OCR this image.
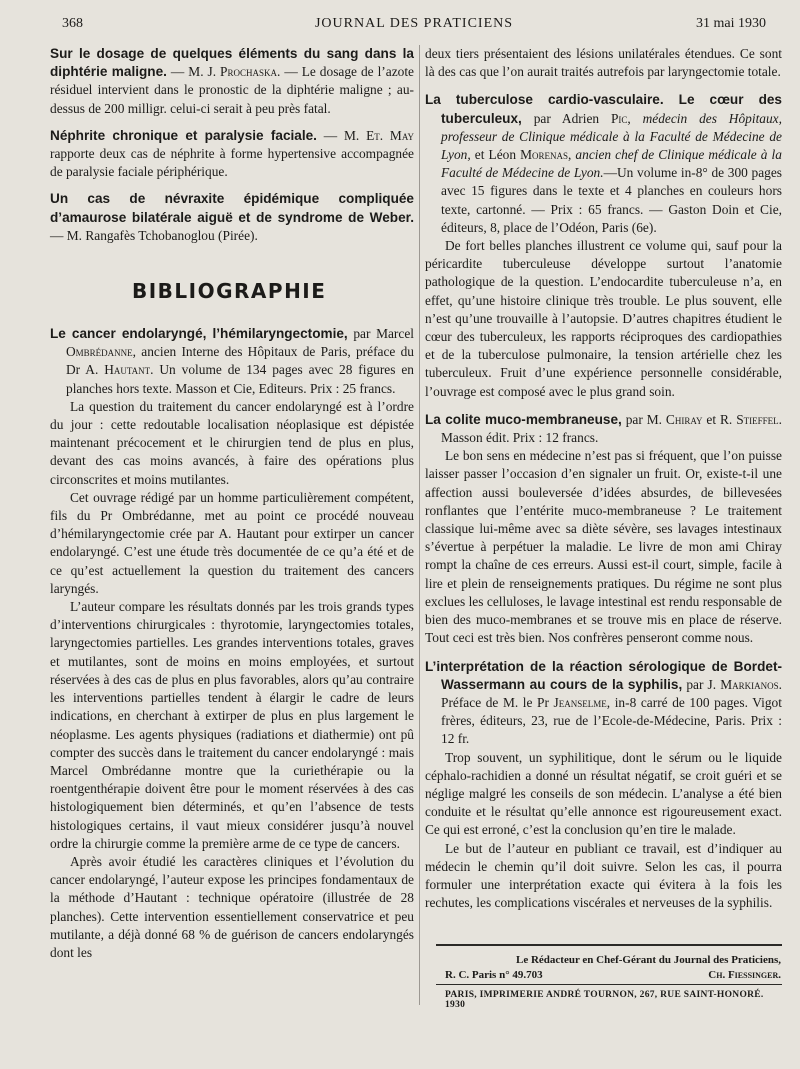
368	JOURNAL DES PRATICIENS	31 mai 1930

Sur le dosage de quelques éléments du sang dans la diphtérie maligne. — M. J. Prochaska. — Le dosage de l’azote résiduel intervient dans le pronostic de la diphtérie maligne ; au-dessus de 200 milligr. celui-ci serait à peu près fatal.

Néphrite chronique et paralysie faciale. — M. Et. May rapporte deux cas de néphrite à forme hypertensive accompagnée de paralysie faciale périphérique.

Un cas de névraxite épidémique compliquée d’amaurose bilatérale aiguë et de syndrome de Weber. — M. Rangafès Tchobanoglou (Pirée).

BIBLIOGRAPHIE

Le cancer endolaryngé, l’hémilaryngectomie, par Marcel Ombrédanne, ancien Interne des Hôpitaux de Paris, préface du Dr A. Hautant. Un volume de 134 pages avec 28 figures en planches hors texte. Masson et Cie, Editeurs. Prix : 25 francs.

La question du traitement du cancer endolaryngé est à l’ordre du jour : cette redoutable localisation néoplasique est dépistée maintenant précocement et le chirurgien tend de plus en plus, devant des cas moins avancés, à faire des opérations plus circonscrites et moins mutilantes.

Cet ouvrage rédigé par un homme particulièrement compétent, fils du Pr Ombrédanne, met au point ce procédé nouveau d’hémilaryngectomie crée par A. Hautant pour extirper un cancer endolaryngé. C’est une étude très documentée de ce qu’a été et de ce qu’est actuellement la question du traitement des cancers laryngés.

L’auteur compare les résultats donnés par les trois grands types d’interventions chirurgicales : thyrotomie, laryngectomies totales, laryngectomies partielles. Les grandes interventions totales, graves et mutilantes, sont de moins en moins employées, et surtout réservées à des cas de plus en plus favorables, alors qu’au contraire les interventions partielles tendent à élargir le cadre de leurs indications, en cherchant à extirper de plus en plus largement le néoplasme. Les agents physiques (radiations et diathermie) ont pû compter des succès dans le traitement du cancer endolaryngé : mais Marcel Ombrédanne montre que la curiethérapie ou la roentgenthérapie doivent être pour le moment réservées à des cas histologiquement bien déterminés, et qu’en l’absence de tests histologiques certains, il vaut mieux considérer jusqu’à nouvel ordre la chirurgie comme la première arme de ce type de cancers.

Après avoir étudié les caractères cliniques et l’évolution du cancer endolaryngé, l’auteur expose les principes fondamentaux de la méthode d’Hautant : technique opératoire (illustrée de 28 planches). Cette intervention essentiellement conservatrice et peu mutilante, a déjà donné 68 % de guérison de cancers endolaryngés dont les

deux tiers présentaient des lésions unilatérales étendues. Ce sont là des cas que l’on aurait traités autrefois par laryngectomie totale.

La tuberculose cardio-vasculaire. Le cœur des tuberculeux, par Adrien Pic, médecin des Hôpitaux, professeur de Clinique médicale à la Faculté de Médecine de Lyon, et Léon Morenas, ancien chef de Clinique médicale à la Faculté de Médecine de Lyon.—Un volume in-8° de 300 pages avec 15 figures dans le texte et 4 planches en couleurs hors texte, cartonné. — Prix : 65 francs. — Gaston Doin et Cie, éditeurs, 8, place de l’Odéon, Paris (6e).

De fort belles planches illustrent ce volume qui, sauf pour la péricardite tuberculeuse développe surtout l’anatomie pathologique de la question. L’endocardite tuberculeuse n’a, en effet, qu’une histoire clinique très trouble. Le plus souvent, elle n’est qu’une trouvaille à l’autopsie. D’autres chapitres étudient le cœur des tuberculeux, les rapports réciproques des cardiopathies et de la tuberculose pulmonaire, la tension artérielle chez les tuberculeux. Fruit d’une expérience personnelle considérable, l’ouvrage est composé avec le plus grand soin.

La colite muco-membraneuse, par M. Chiray et R. Stieffel. Masson édit. Prix : 12 francs.

Le bon sens en médecine n’est pas si fréquent, que l’on puisse laisser passer l’occasion d’en signaler un fruit. Or, existe-t-il une affection aussi bouleversée d’idées absurdes, de billevesées ronflantes que l’entérite muco-membraneuse ? Le traitement classique lui-même avec sa diète sévère, ses lavages intestinaux s’évertue à perpétuer la maladie. Le livre de mon ami Chiray rompt la chaîne de ces erreurs. Aussi est-il court, simple, facile à lire et plein de renseignements pratiques. Du régime ne sont plus exclues les celluloses, le lavage intestinal est rendu responsable de bien des muco-membranes et se trouve mis en place de réserve. Tout ceci est très bien. Nos confrères penseront comme nous.

L’interprétation de la réaction sérologique de Bordet-Wassermann au cours de la syphilis, par J. Markianos. Préface de M. le Pr Jeanselme, in-8 carré de 100 pages. Vigot frères, éditeurs, 23, rue de l’Ecole-de-Médecine, Paris. Prix : 12 fr.

Trop souvent, un syphilitique, dont le sérum ou le liquide céphalo-rachidien a donné un résultat négatif, se croit guéri et se néglige malgré les conseils de son médecin. L’analyse a été bien conduite et le résultat qu’elle annonce est rigoureusement exact. Ce qui est erroné, c’est la conclusion qu’en tire le malade.

Le but de l’auteur en publiant ce travail, est d’indiquer au médecin le chemin qu’il doit suivre. Selon les cas, il pourra formuler une interprétation exacte qui évitera à la fois les rechutes, les complications viscérales et nerveuses de la syphilis.

Le Rédacteur en Chef-Gérant du Journal des Praticiens,
R. C. Paris n° 49.703	Ch. Fiessinger.
PARIS, IMPRIMERIE ANDRÉ TOURNON, 267, RUE SAINT-HONORÉ. 1930
